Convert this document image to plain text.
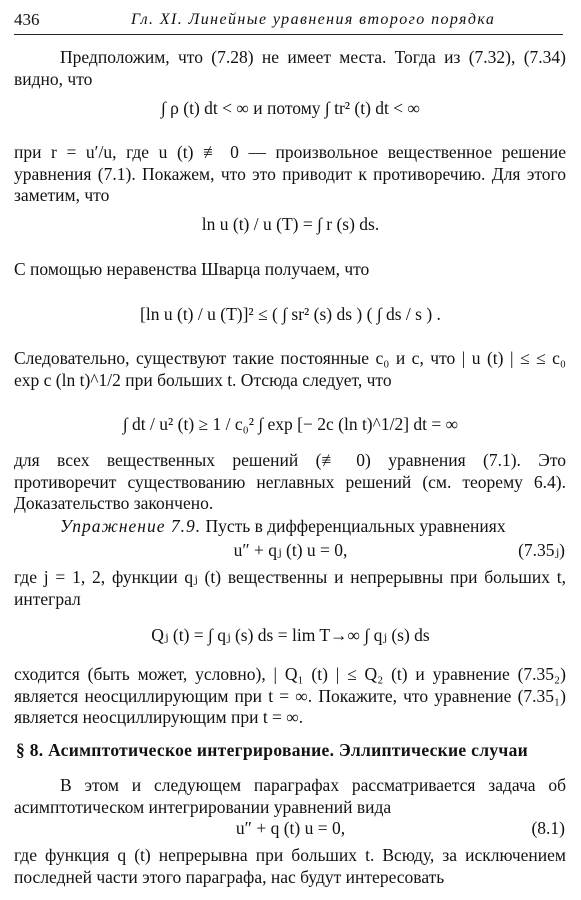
436	Гл. XI. Линейные уравнения второго порядка

Предположим, что (7.28) не имеет места. Тогда из (7.32), (7.34) видно, что

∫ ρ (t) dt < ∞ и потому ∫ tr² (t) dt < ∞

при r = u′/u, где u (t) ≢ 0 — произвольное вещественное решение уравнения (7.1). Покажем, что это приводит к противоречию. Для этого заметим, что

ln u (t) / u (T) = ∫ r (s) ds.

С помощью неравенства Шварца получаем, что

[ln u (t) / u (T)]² ≤ ( ∫ sr² (s) ds ) ( ∫ ds / s ) .

Следовательно, существуют такие постоянные c₀ и c, что | u (t) | ≤ ≤ c₀ exp c (ln t)^1/2 при больших t. Отсюда следует, что

∫ dt / u² (t) ≥ 1 / c₀² ∫ exp [− 2c (ln t)^1/2] dt = ∞

для всех вещественных решений (≢ 0) уравнения (7.1). Это противоречит существованию неглавных решений (см. теорему 6.4). Доказательство закончено.

Упражнение 7.9. Пусть в дифференциальных уравнениях

u″ + qⱼ (t) u = 0,	(7.35ⱼ)

где j = 1, 2, функции qⱼ (t) вещественны и непрерывны при больших t, интеграл

Qⱼ (t) = ∫ qⱼ (s) ds = lim T→∞ ∫ qⱼ (s) ds

сходится (быть может, условно), | Q₁ (t) | ≤ Q₂ (t) и уравнение (7.35₂) является неосциллирующим при t = ∞. Покажите, что уравнение (7.35₁) является неосциллирующим при t = ∞.

§ 8. Асимптотическое интегрирование. Эллиптические случаи

В этом и следующем параграфах рассматривается задача об асимптотическом интегрировании уравнений вида

u″ + q (t) u = 0,	(8.1)

где функция q (t) непрерывна при больших t. Всюду, за исключением последней части этого параграфа, нас будут интересовать
